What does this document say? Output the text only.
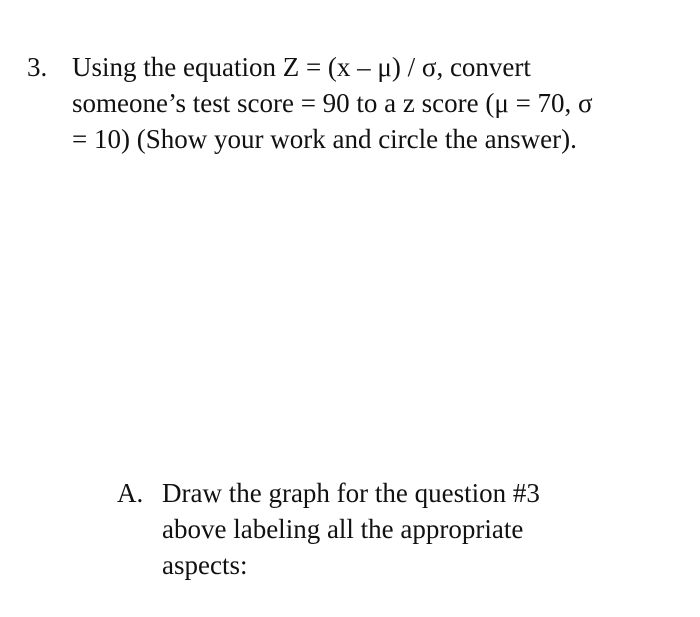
3. Using the equation Z = (x – μ) / σ, convert
someone’s test score = 90 to a z score (μ = 70, σ
= 10) (Show your work and circle the answer).
A. Draw the graph for the question #3
above labeling all the appropriate
aspects:
